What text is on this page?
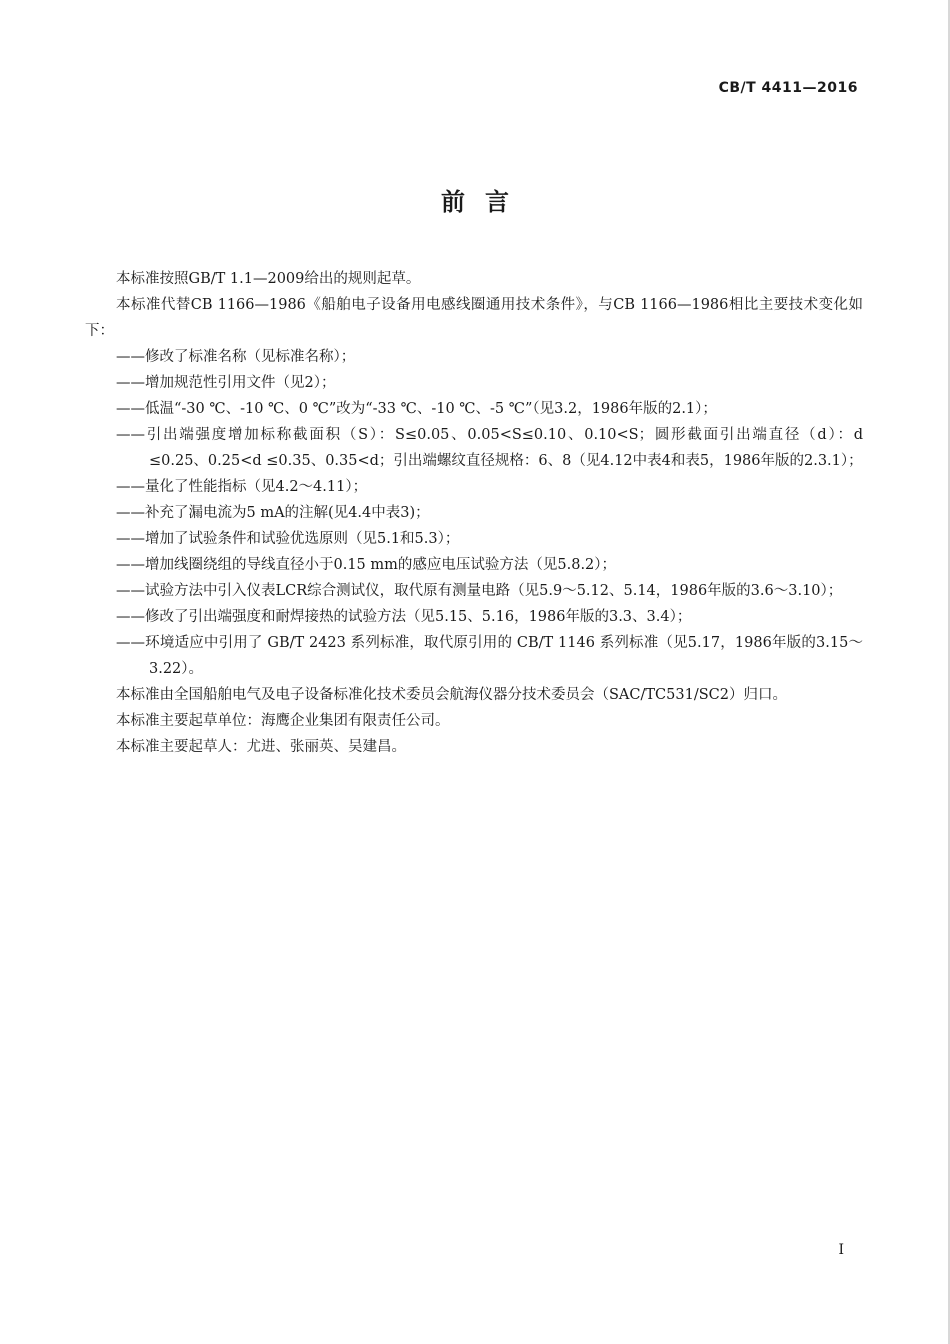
CB/T 4411—2016
前言

本标准按照GB/T 1.1—2009给出的规则起草。

本标准代替CB 1166—1986《船舶电子设备用电感线圈通用技术条件》，与CB 1166—1986相比主要技术变化如下：

——修改了标准名称（见标准名称）；

——增加规范性引用文件（见2）；

——低温“-30 ℃、-10 ℃、0 ℃”改为“-33 ℃、-10 ℃、-5 ℃”（见3.2，1986年版的2.1）；

——引出端强度增加标称截面积（S）：S≤0.05、0.05<S≤0.10、0.10<S；圆形截面引出端直径（d）：d ≤0.25、0.25<d ≤0.35、0.35<d；引出端螺纹直径规格：6、8（见4.12中表4和表5，1986年版的2.3.1）；

——量化了性能指标（见4.2～4.11）；

——补充了漏电流为5 mA的注解(见4.4中表3)；

——增加了试验条件和试验优选原则（见5.1和5.3）；

——增加线圈绕组的导线直径小于0.15 mm的感应电压试验方法（见5.8.2）；

——试验方法中引入仪表LCR综合测试仪，取代原有测量电路（见5.9～5.12、5.14，1986年版的3.6～3.10）；

——修改了引出端强度和耐焊接热的试验方法（见5.15、5.16，1986年版的3.3、3.4）；

——环境适应中引用了 GB/T 2423 系列标准，取代原引用的 CB/T 1146 系列标准（见5.17，1986年版的3.15～3.22）。

本标准由全国船舶电气及电子设备标准化技术委员会航海仪器分技术委员会（SAC/TC531/SC2）归口。

本标准主要起草单位：海鹰企业集团有限责任公司。

本标准主要起草人：尤进、张丽英、吴建昌。

I
